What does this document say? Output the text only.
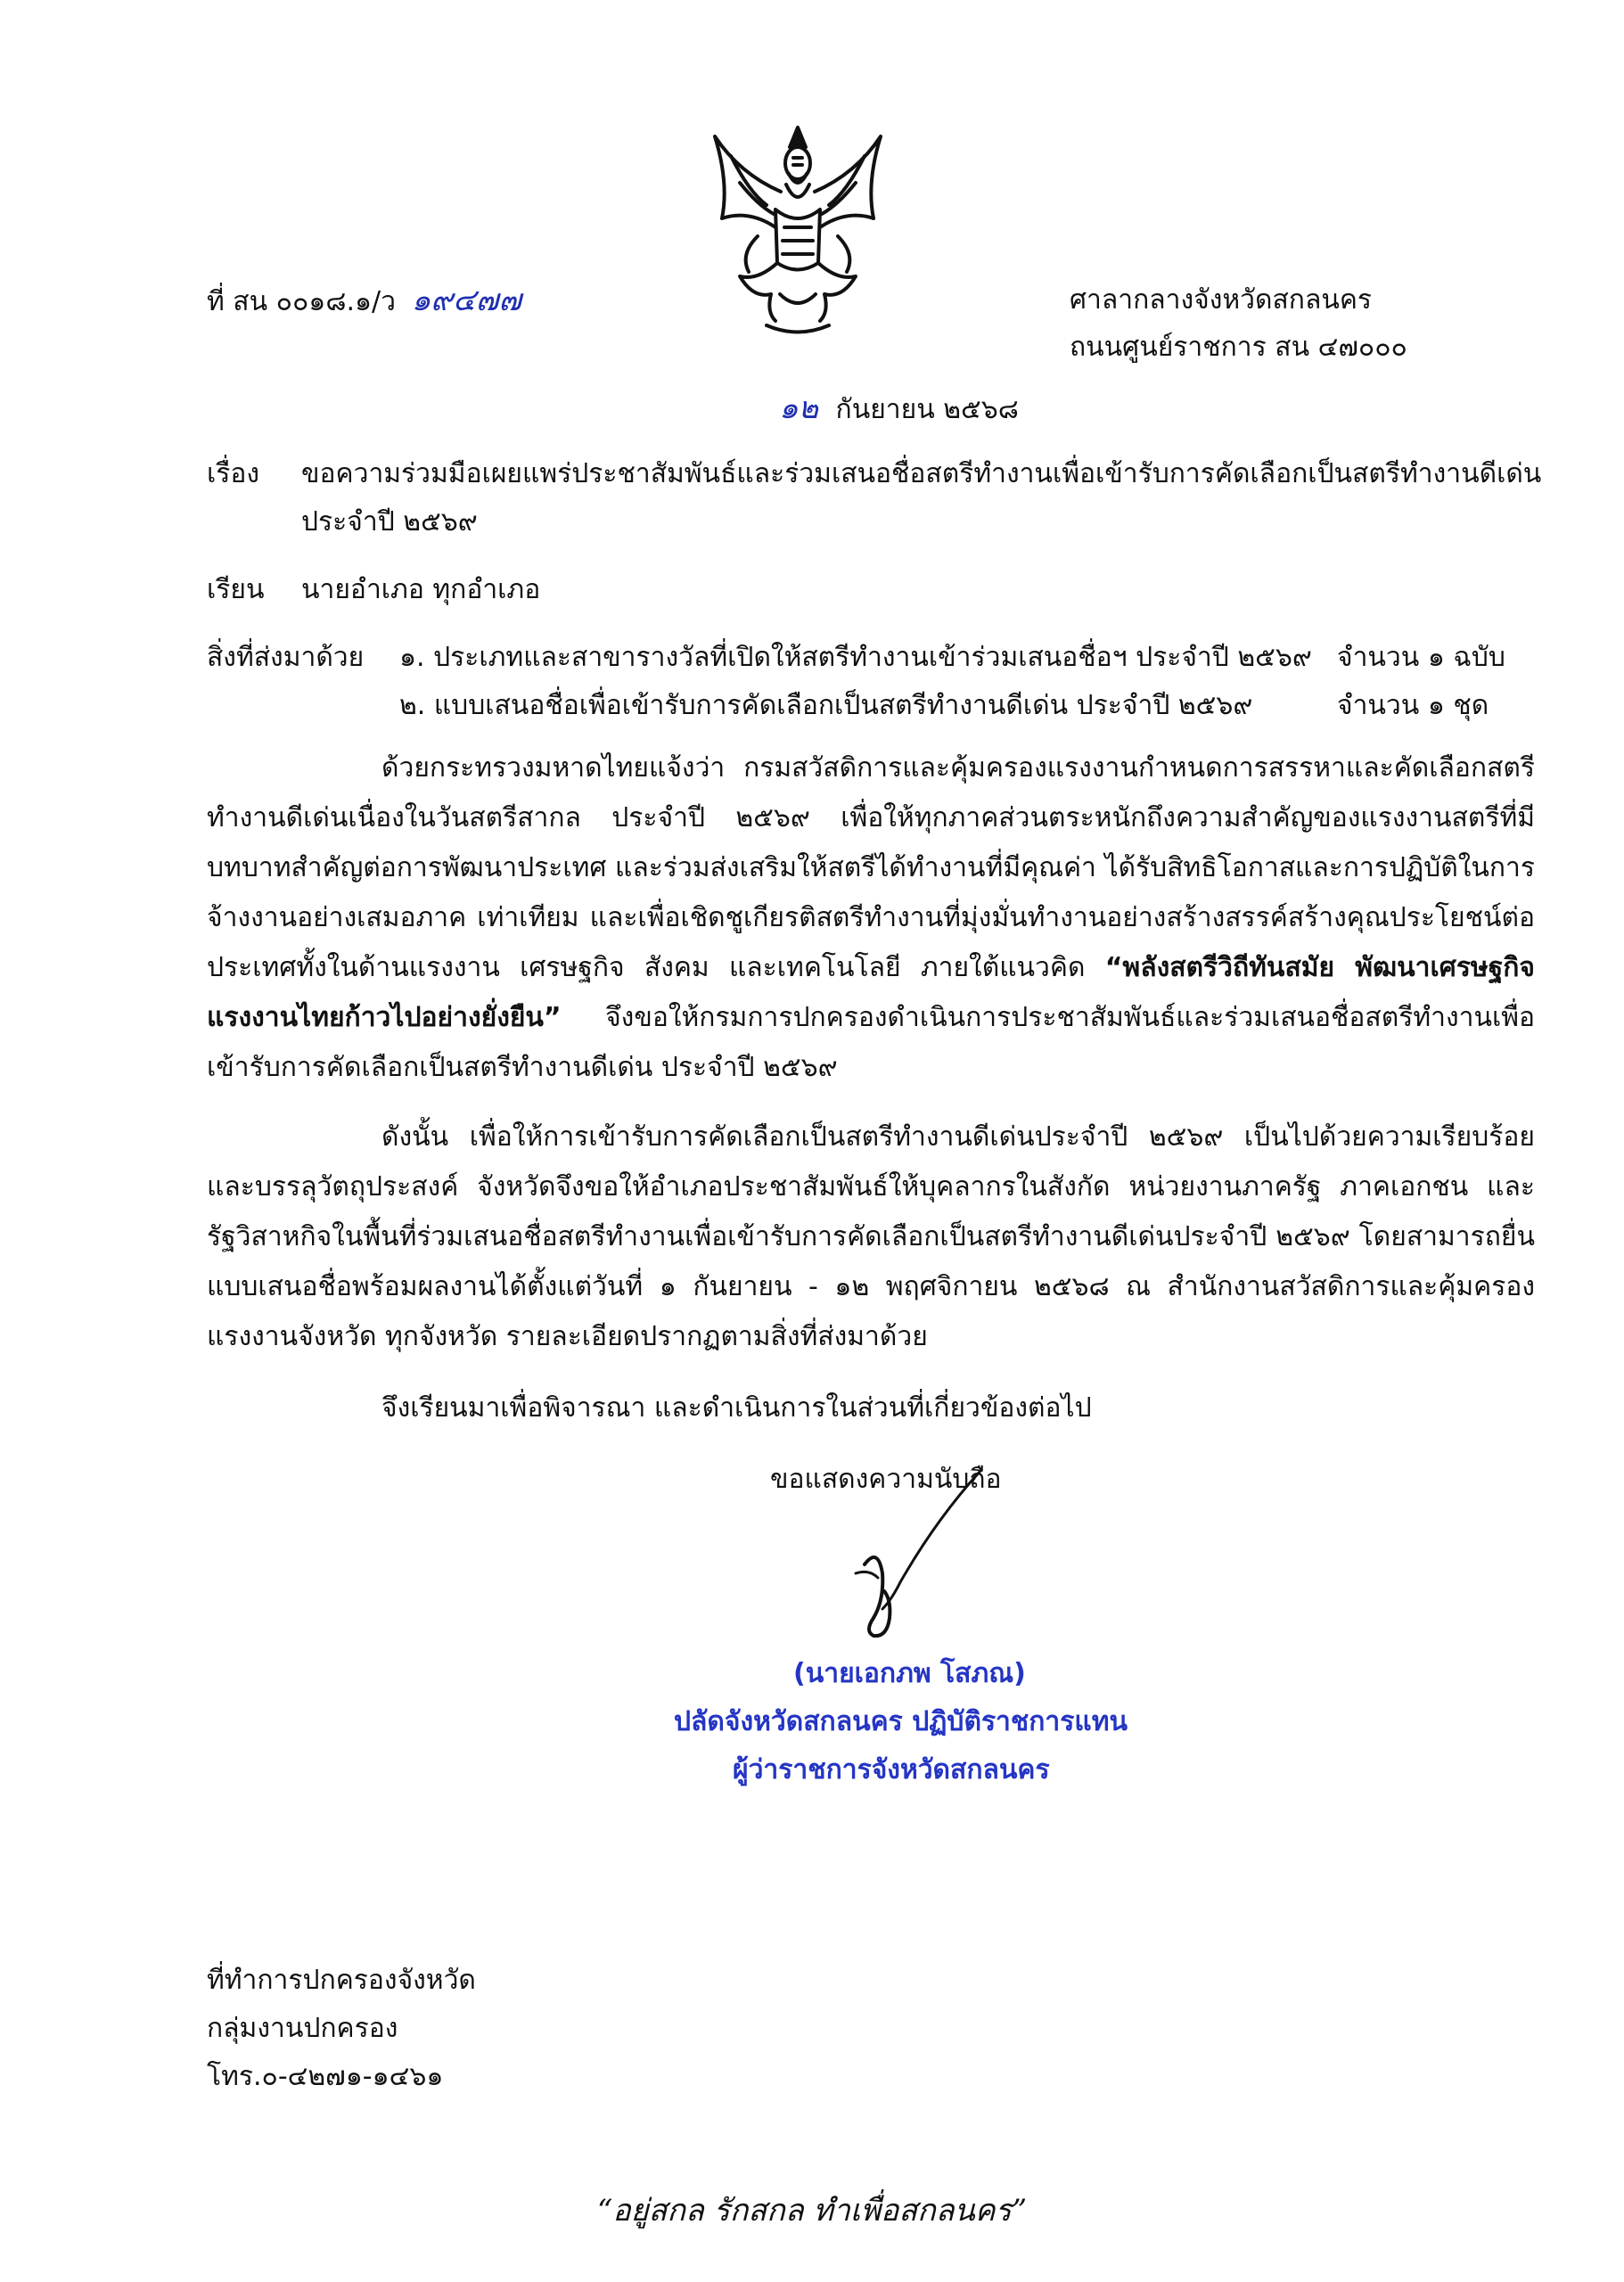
ที่ สน ๐๐๑๘.๑/ว ๑๙๔๗๗	ศาลากลางจังหวัดสกลนคร
ถนนศูนย์ราชการ สน ๔๗๐๐๐
๑๒ กันยายน ๒๕๖๘
เรื่อง ขอความร่วมมือเผยแพร่ประชาสัมพันธ์และร่วมเสนอชื่อสตรีทำงานเพื่อเข้ารับการคัดเลือกเป็นสตรีทำงานดีเด่น
ประจำปี ๒๕๖๙
เรียน นายอำเภอ ทุกอำเภอ
สิ่งที่ส่งมาด้วย ๑. ประเภทและสาขารางวัลที่เปิดให้สตรีทำงานเข้าร่วมเสนอชื่อฯ ประจำปี ๒๕๖๙ จำนวน ๑ ฉบับ
๒. แบบเสนอชื่อเพื่อเข้ารับการคัดเลือกเป็นสตรีทำงานดีเด่น ประจำปี ๒๕๖๙	จำนวน ๑ ชุด
ด้วยกระทรวงมหาดไทยแจ้งว่า กรมสวัสดิการและคุ้มครองแรงงานกำหนดการสรรหาและคัดเลือกสตรีทำงานดีเด่นเนื่องในวันสตรีสากล ประจำปี ๒๕๖๙ เพื่อให้ทุกภาคส่วนตระหนักถึงความสำคัญของแรงงานสตรีที่มีบทบาทสำคัญต่อการพัฒนาประเทศ และร่วมส่งเสริมให้สตรีได้ทำงานที่มีคุณค่า ได้รับสิทธิโอกาสและการปฏิบัติในการจ้างงานอย่างเสมอภาค เท่าเทียม และเพื่อเชิดชูเกียรติสตรีทำงานที่มุ่งมั่นทำงานอย่างสร้างสรรค์สร้างคุณประโยชน์ต่อประเทศทั้งในด้านแรงงาน เศรษฐกิจ สังคม และเทคโนโลยี ภายใต้แนวคิด “พลังสตรีวิถีทันสมัย พัฒนาเศรษฐกิจแรงงานไทยก้าวไปอย่างยั่งยืน” จึงขอให้กรมการปกครองดำเนินการประชาสัมพันธ์และร่วมเสนอชื่อสตรีทำงานเพื่อเข้ารับการคัดเลือกเป็นสตรีทำงานดีเด่น ประจำปี ๒๕๖๙
ดังนั้น เพื่อให้การเข้ารับการคัดเลือกเป็นสตรีทำงานดีเด่นประจำปี ๒๕๖๙ เป็นไปด้วยความเรียบร้อยและบรรลุวัตถุประสงค์ จังหวัดจึงขอให้อำเภอประชาสัมพันธ์ให้บุคลากรในสังกัด หน่วยงานภาครัฐ ภาคเอกชน และรัฐวิสาหกิจในพื้นที่ร่วมเสนอชื่อสตรีทำงานเพื่อเข้ารับการคัดเลือกเป็นสตรีทำงานดีเด่นประจำปี ๒๕๖๙ โดยสามารถยื่นแบบเสนอชื่อพร้อมผลงานได้ตั้งแต่วันที่ ๑ กันยายน - ๑๒ พฤศจิกายน ๒๕๖๘ ณ สำนักงานสวัสดิการและคุ้มครองแรงงานจังหวัด ทุกจังหวัด รายละเอียดปรากฏตามสิ่งที่ส่งมาด้วย
จึงเรียนมาเพื่อพิจารณา และดำเนินการในส่วนที่เกี่ยวข้องต่อไป
ขอแสดงความนับถือ
(นายเอกภพ โสภณ)
ปลัดจังหวัดสกลนคร ปฏิบัติราชการแทน
ผู้ว่าราชการจังหวัดสกลนคร
ที่ทำการปกครองจังหวัด
กลุ่มงานปกครอง
โทร.๐-๔๒๗๑-๑๔๖๑
“อยู่สกล รักสกล ทำเพื่อสกลนคร”
